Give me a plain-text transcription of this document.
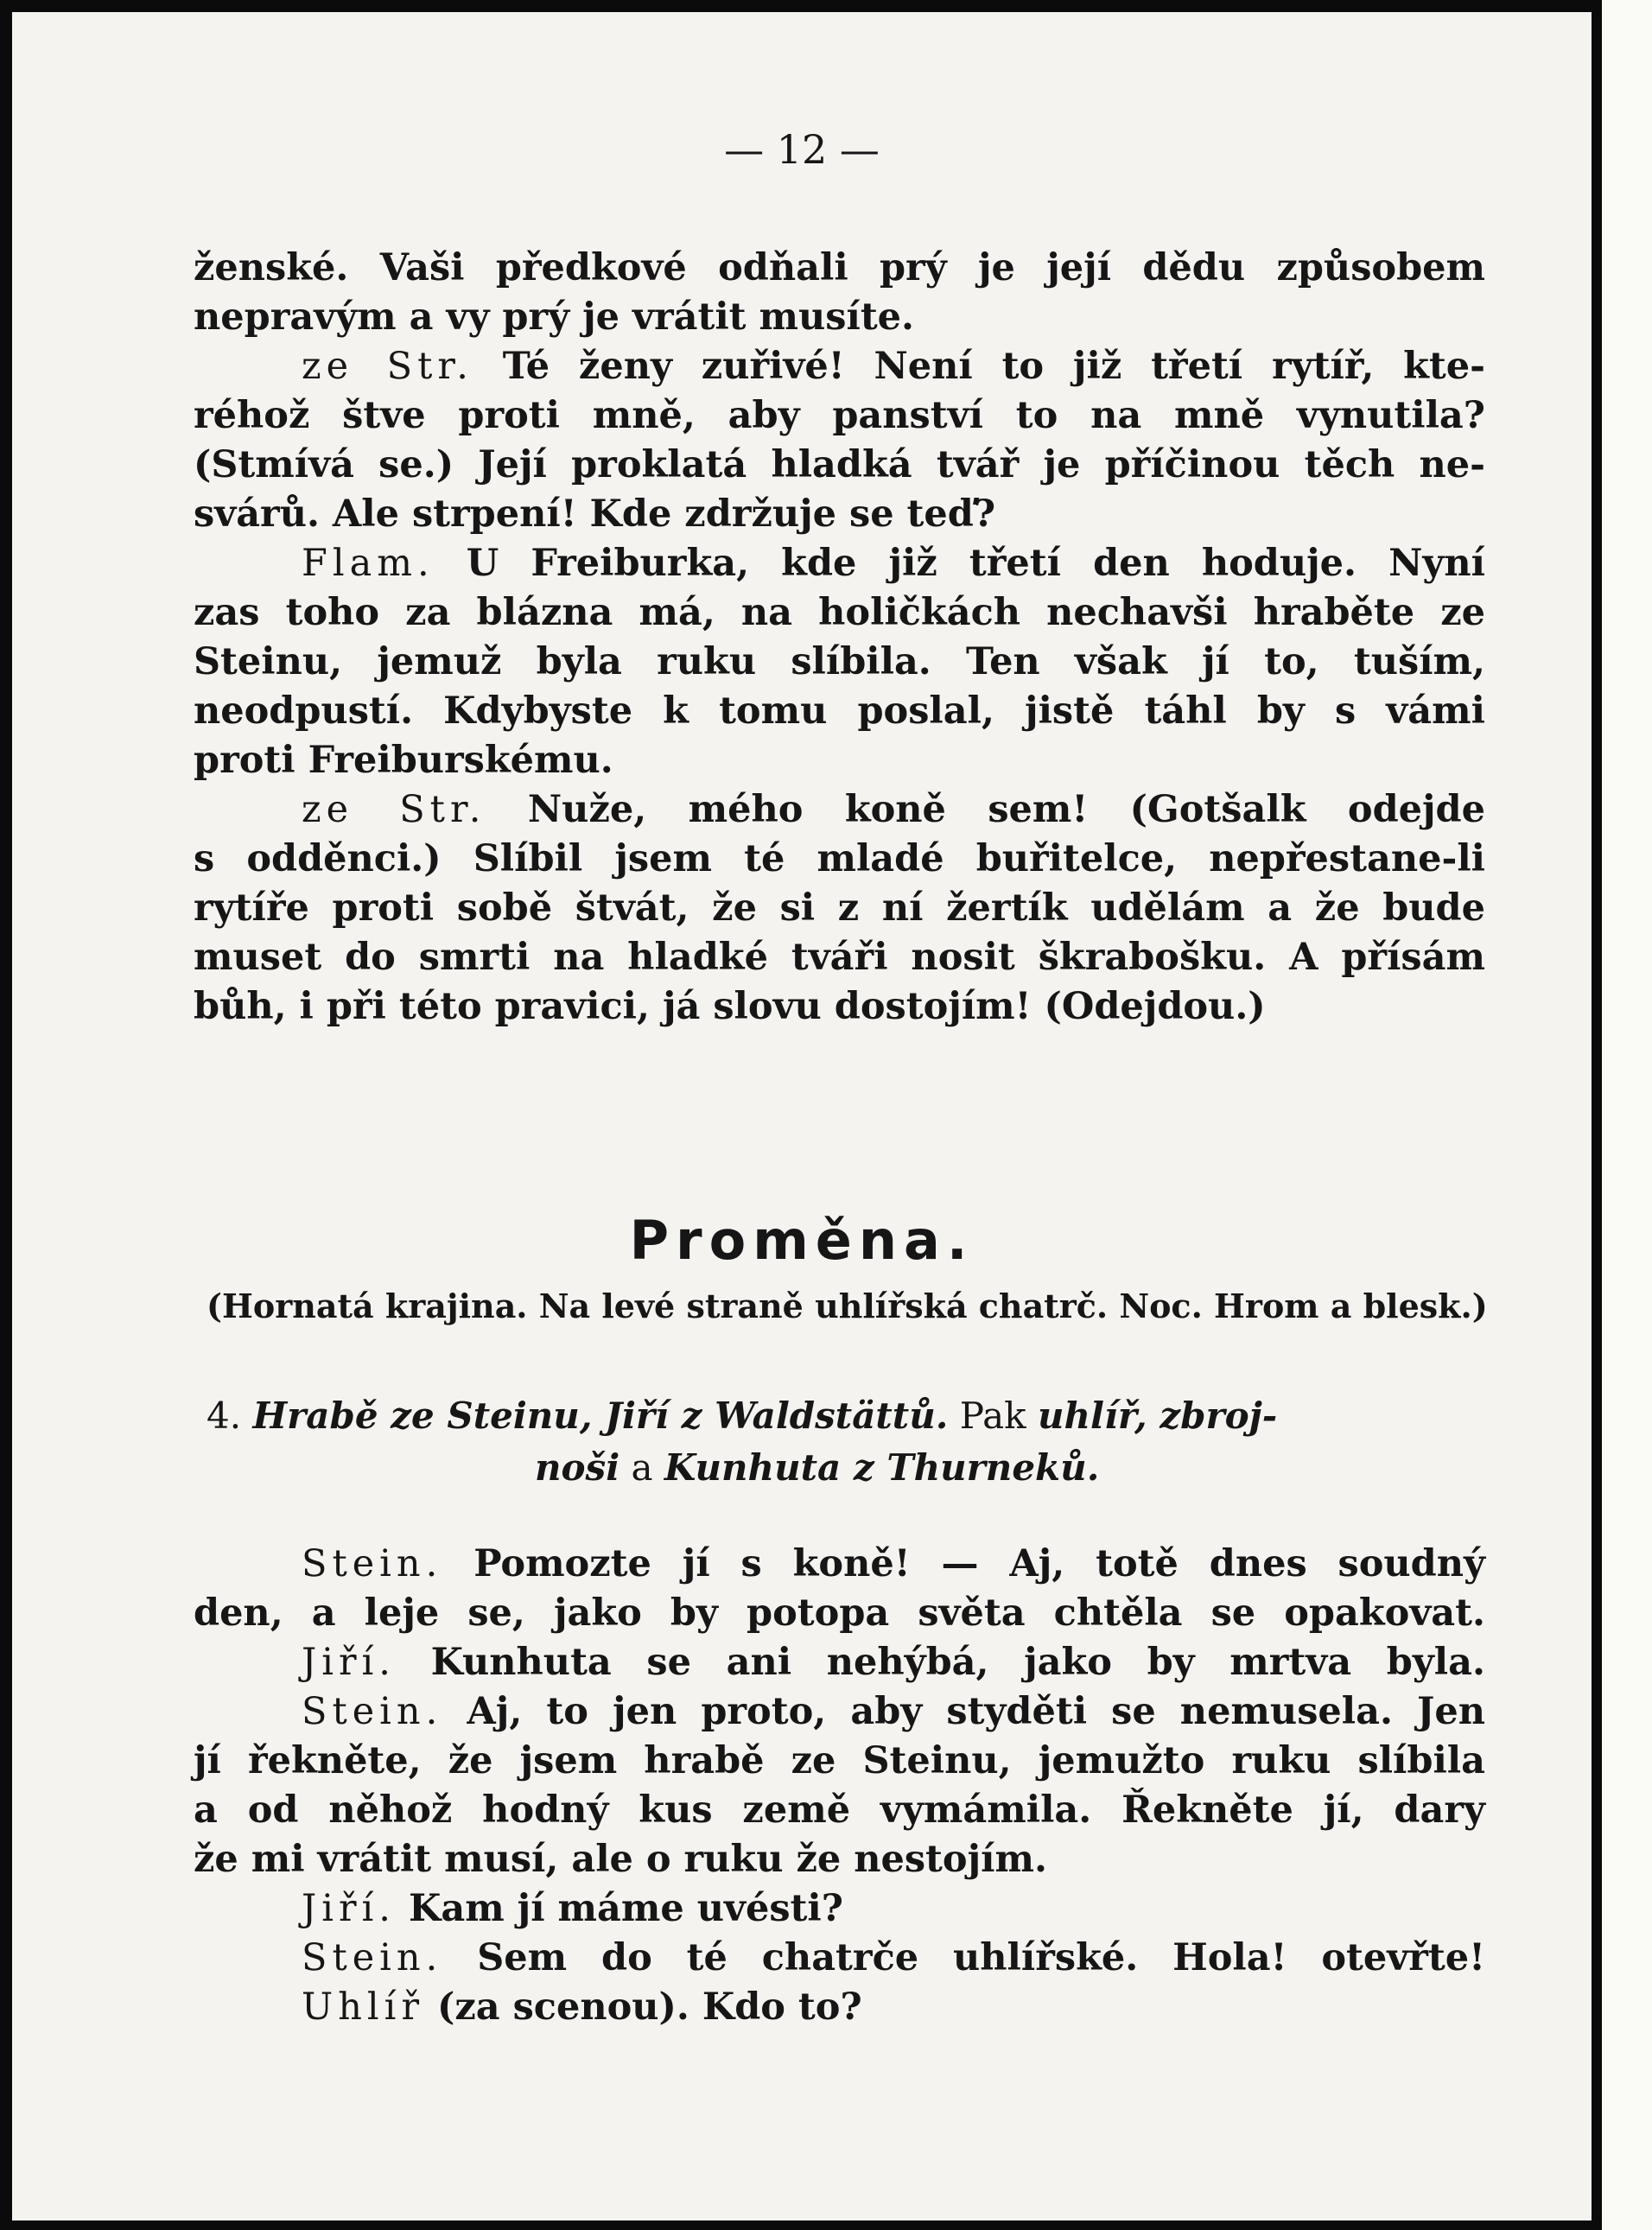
— 12 —
ženské. Vaši předkové odňali prý je její dědu způsobem
nepravým a vy prý je vrátit musíte.
ze Str. Té ženy zuřivé! Není to již třetí rytíř, kte-
réhož štve proti mně, aby panství to na mně vynutila?
(Stmívá se.) Její proklatá hladká tvář je příčinou těch ne-
svárů. Ale strpení! Kde zdržuje se teď?
Flam. U Freiburka, kde již třetí den hoduje. Nyní
zas toho za blázna má, na holičkách nechavši hraběte ze
Steinu, jemuž byla ruku slíbila. Ten však jí to, tuším,
neodpustí. Kdybyste k tomu poslal, jistě táhl by s vámi
proti Freiburskému.
ze Str. Nuže, mého koně sem! (Gotšalk odejde
s odděnci.) Slíbil jsem té mladé buřitelce, nepřestane-li
rytíře proti sobě štvát, že si z ní žertík udělám a že bude
muset do smrti na hladké tváři nosit škrabošku. A přísám
bůh, i při této pravici, já slovu dostojím! (Odejdou.)
Proměna.
(Hornatá krajina. Na levé straně uhlířská chatrč. Noc. Hrom a blesk.)
4. Hrabě ze Steinu, Jiří z Waldstättů. Pak uhlíř, zbroj-
noši a Kunhuta z Thurneků.
Stein. Pomozte jí s koně! — Aj, totě dnes soudný
den, a leje se, jako by potopa světa chtěla se opakovat.
Jiří. Kunhuta se ani nehýbá, jako by mrtva byla.
Stein. Aj, to jen proto, aby styděti se nemusela. Jen
jí řekněte, že jsem hrabě ze Steinu, jemužto ruku slíbila
a od něhož hodný kus země vymámila. Řekněte jí, dary
že mi vrátit musí, ale o ruku že nestojím.
Jiří. Kam jí máme uvésti?
Stein. Sem do té chatrče uhlířské. Hola! otevřte!
Uhlíř (za scenou). Kdo to?
